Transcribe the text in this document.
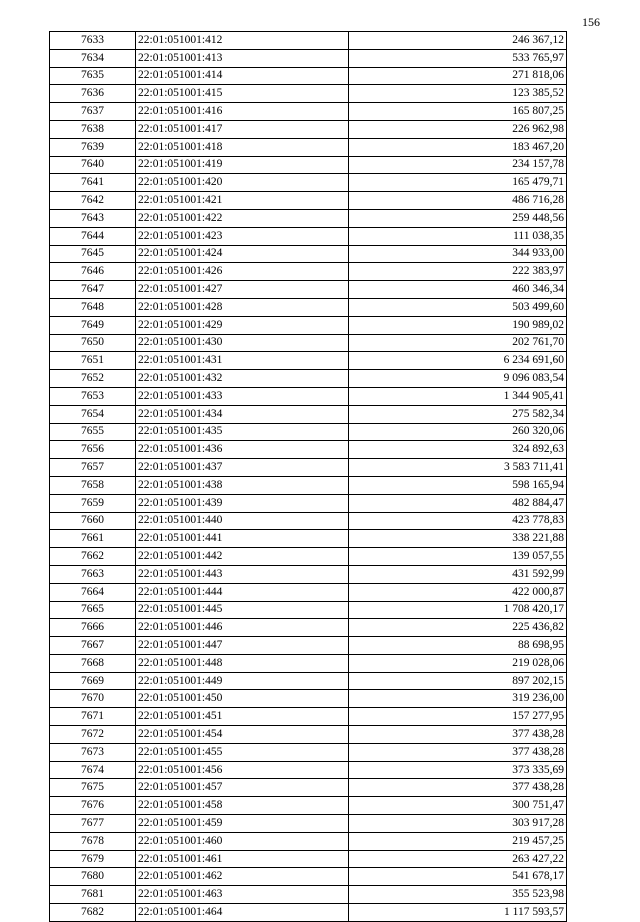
156
7633	22:01:051001:412	246 367,12
7634	22:01:051001:413	533 765,97
7635	22:01:051001:414	271 818,06
7636	22:01:051001:415	123 385,52
7637	22:01:051001:416	165 807,25
7638	22:01:051001:417	226 962,98
7639	22:01:051001:418	183 467,20
7640	22:01:051001:419	234 157,78
7641	22:01:051001:420	165 479,71
7642	22:01:051001:421	486 716,28
7643	22:01:051001:422	259 448,56
7644	22:01:051001:423	111 038,35
7645	22:01:051001:424	344 933,00
7646	22:01:051001:426	222 383,97
7647	22:01:051001:427	460 346,34
7648	22:01:051001:428	503 499,60
7649	22:01:051001:429	190 989,02
7650	22:01:051001:430	202 761,70
7651	22:01:051001:431	6 234 691,60
7652	22:01:051001:432	9 096 083,54
7653	22:01:051001:433	1 344 905,41
7654	22:01:051001:434	275 582,34
7655	22:01:051001:435	260 320,06
7656	22:01:051001:436	324 892,63
7657	22:01:051001:437	3 583 711,41
7658	22:01:051001:438	598 165,94
7659	22:01:051001:439	482 884,47
7660	22:01:051001:440	423 778,83
7661	22:01:051001:441	338 221,88
7662	22:01:051001:442	139 057,55
7663	22:01:051001:443	431 592,99
7664	22:01:051001:444	422 000,87
7665	22:01:051001:445	1 708 420,17
7666	22:01:051001:446	225 436,82
7667	22:01:051001:447	88 698,95
7668	22:01:051001:448	219 028,06
7669	22:01:051001:449	897 202,15
7670	22:01:051001:450	319 236,00
7671	22:01:051001:451	157 277,95
7672	22:01:051001:454	377 438,28
7673	22:01:051001:455	377 438,28
7674	22:01:051001:456	373 335,69
7675	22:01:051001:457	377 438,28
7676	22:01:051001:458	300 751,47
7677	22:01:051001:459	303 917,28
7678	22:01:051001:460	219 457,25
7679	22:01:051001:461	263 427,22
7680	22:01:051001:462	541 678,17
7681	22:01:051001:463	355 523,98
7682	22:01:051001:464	1 117 593,57
